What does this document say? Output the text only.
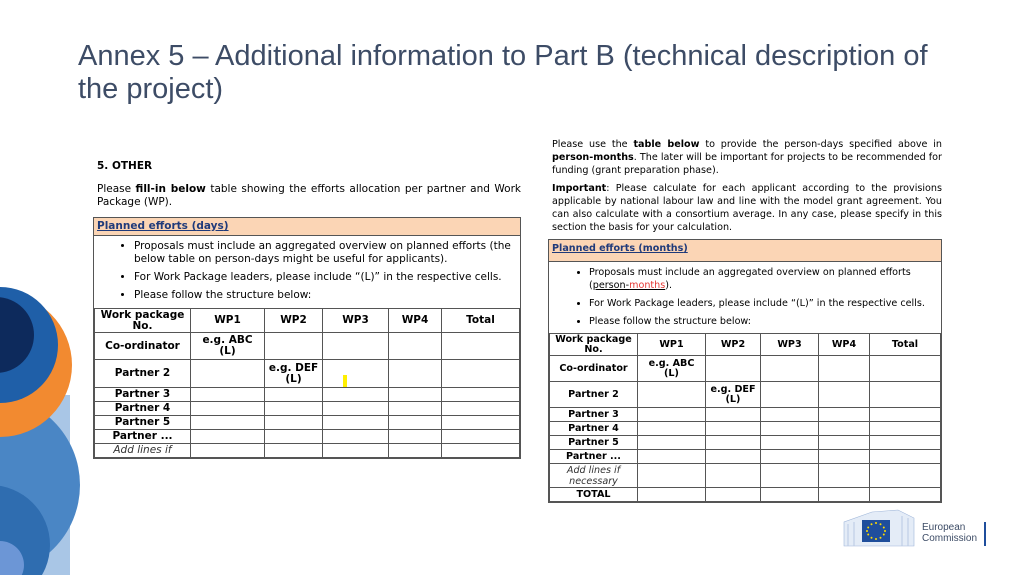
Annex 5 – Additional information to Part B (technical description of the project)
5. OTHER

Please fill-in below table showing the efforts allocation per partner and Work Package (WP).

Planned efforts (days)
• Proposals must include an aggregated overview on planned efforts (the below table on person-days might be useful for applicants).
• For Work Package leaders, please include “(L)” in the respective cells.
• Please follow the structure below:
Work package No.	WP1	WP2	WP3	WP4	Total
Co-ordinator	e.g. ABC (L)				
Partner 2		e.g. DEF (L)			
Partner 3					
Partner 4					
Partner 5					
Partner ...					
Add lines if					

Please use the table below to provide the person-days specified above in person-months. The later will be important for projects to be recommended for funding (grant preparation phase).

Important: Please calculate for each applicant according to the provisions applicable by national labour law and line with the model grant agreement. You can also calculate with a consortium average. In any case, please specify in this section the basis for your calculation.

Planned efforts (months)
• Proposals must include an aggregated overview on planned efforts (person-months).
• For Work Package leaders, please include “(L)” in the respective cells.
• Please follow the structure below:
Work package No.	WP1	WP2	WP3	WP4	Total
Co-ordinator	e.g. ABC (L)				
Partner 2		e.g. DEF (L)			
Partner 3					
Partner 4					
Partner 5					
Partner ...					
Add lines if necessary					
TOTAL					
European
Commission
